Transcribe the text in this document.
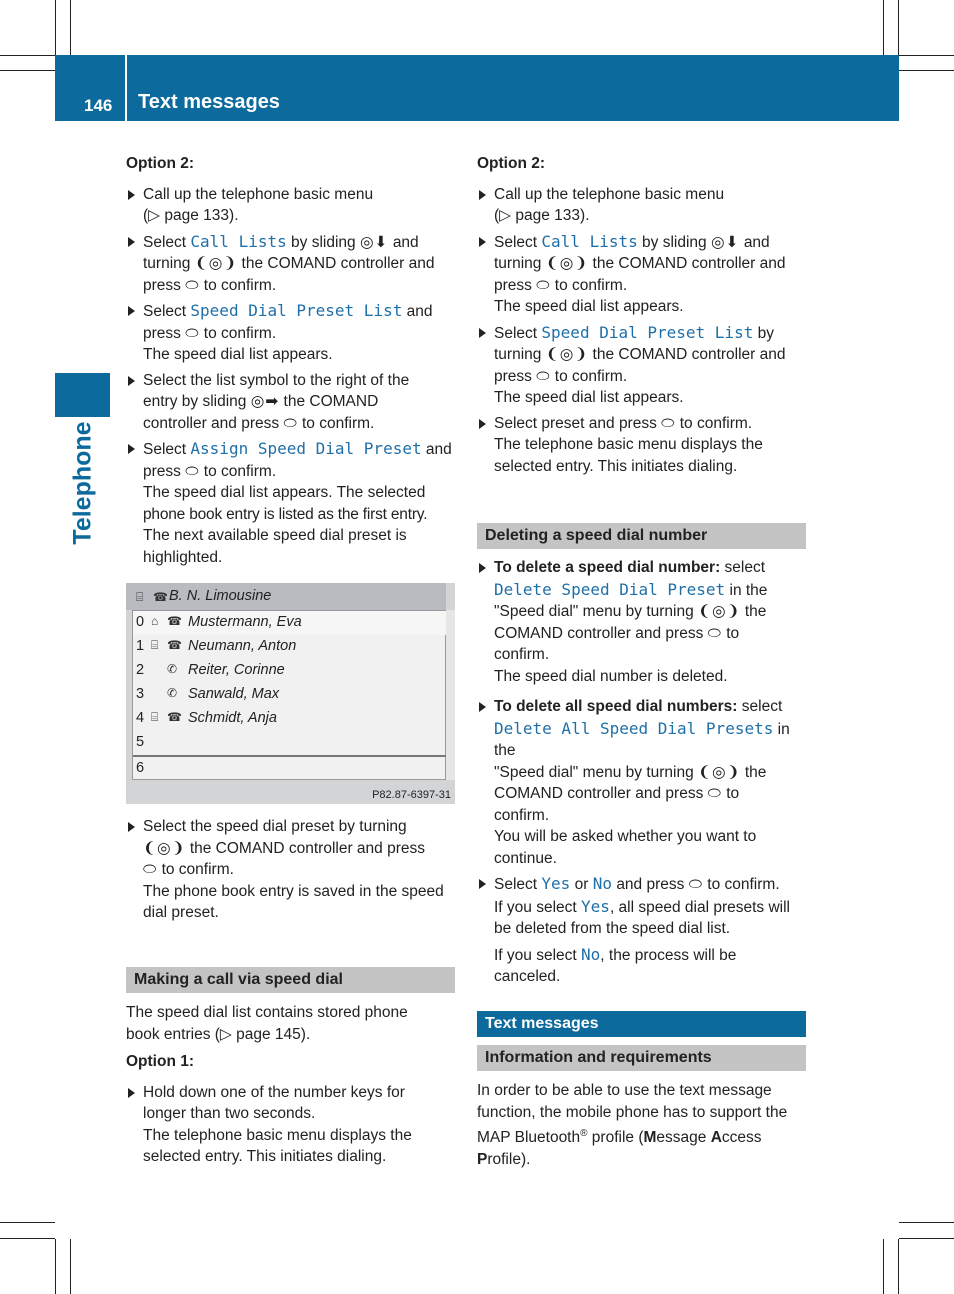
146 Text messages
Telephone

Option 2:

Call up the telephone basic menu

(▷ page 133).

Select Call Lists by sliding ◎⬇ and

turning ❨◎❩ the COMAND controller and

press ⬭ to confirm.

Select Speed Dial Preset List and

press ⬭ to confirm.

The speed dial list appears.

Select the list symbol to the right of the

entry by sliding ◎➡ the COMAND

controller and press ⬭ to confirm.

Select Assign Speed Dial Preset and

press ⬭ to confirm.

The speed dial list appears. The selected

phone book entry is listed as the first entry.

The next available speed dial preset is

highlighted.

⌸ ☎ B. N. Limousine
0 ⌂ ☎ Mustermann, Eva
1 ⌸ ☎ Neumann, Anton
2 ✆ Reiter, Corinne
3 ✆ Sanwald, Max
4 ⌸ ☎ Schmidt, Anja
5
6
P82.87-6397-31

Select the speed dial preset by turning

❨◎❩ the COMAND controller and press

⬭ to confirm.

The phone book entry is saved in the speed

dial preset.

Making a call via speed dial

The speed dial list contains stored phone

book entries (▷ page 145).

Option 1:

Hold down one of the number keys for

longer than two seconds.

The telephone basic menu displays the

selected entry. This initiates dialing.

Option 2:

Call up the telephone basic menu

(▷ page 133).

Select Call Lists by sliding ◎⬇ and

turning ❨◎❩ the COMAND controller and

press ⬭ to confirm.

The speed dial list appears.

Select Speed Dial Preset List by

turning ❨◎❩ the COMAND controller and

press ⬭ to confirm.

The speed dial list appears.

Select preset and press ⬭ to confirm.

The telephone basic menu displays the

selected entry. This initiates dialing.

Deleting a speed dial number

To delete a speed dial number: select

Delete Speed Dial Preset in the

"Speed dial" menu by turning ❨◎❩ the

COMAND controller and press ⬭ to

confirm.

The speed dial number is deleted.

To delete all speed dial numbers: select

Delete All Speed Dial Presets in the

"Speed dial" menu by turning ❨◎❩ the

COMAND controller and press ⬭ to

confirm.

You will be asked whether you want to

continue.

Select Yes or No and press ⬭ to confirm.

If you select Yes, all speed dial presets will

be deleted from the speed dial list.

If you select No, the process will be

canceled.

Text messages
Information and requirements

In order to be able to use the text message

function, the mobile phone has to support the

MAP Bluetooth® profile (Message Access

Profile).
